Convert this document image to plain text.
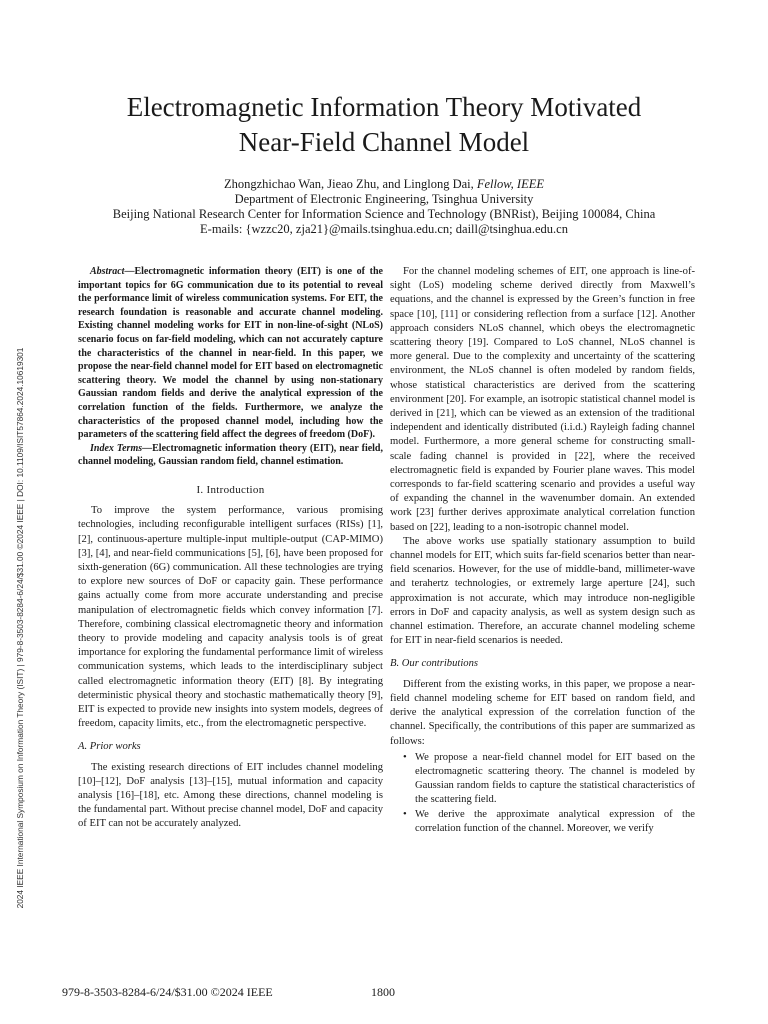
Electromagnetic Information Theory Motivated
Near-Field Channel Model
Zhongzhichao Wan, Jieao Zhu, and Linglong Dai, Fellow, IEEE
Department of Electronic Engineering, Tsinghua University
Beijing National Research Center for Information Science and Technology (BNRist), Beijing 100084, China
E-mails: {wzzc20, zja21}@mails.tsinghua.edu.cn; daill@tsinghua.edu.cn
2024 IEEE International Symposium on Information Theory (ISIT) | 979-8-3503-8284-6/24/$31.00 ©2024 IEEE | DOI: 10.1109/ISIT57864.2024.10619301

Abstract—Electromagnetic information theory (EIT) is one of the important topics for 6G communication due to its potential to reveal the performance limit of wireless communication systems. For EIT, the research foundation is reasonable and accurate channel modeling. Existing channel modeling works for EIT in non-line-of-sight (NLoS) scenario focus on far-field modeling, which can not accurately capture the characteristics of the channel in near-field. In this paper, we propose the near-field channel model for EIT based on electromagnetic scattering theory. We model the channel by using non-stationary Gaussian random fields and derive the analytical expression of the correlation function of the fields. Furthermore, we analyze the characteristics of the proposed channel model, including how the parameters of the scattering field affect the degrees of freedom (DoF).

Index Terms—Electromagnetic information theory (EIT), near field, channel modeling, Gaussian random field, channel estimation.

I. Introduction

To improve the system performance, various promising technologies, including reconfigurable intelligent surfaces (RISs) [1], [2], continuous-aperture multiple-input multiple-output (CAP-MIMO) [3], [4], and near-field communications [5], [6], have been proposed for sixth-generation (6G) communication. All these technologies are trying to explore new sources of DoF or capacity gain. These performance gains actually come from more accurate understanding and precise manipulation of electromagnetic fields which convey information [7]. Therefore, combining classical electromagnetic theory and information theory to provide modeling and capacity analysis tools is of great importance for exploring the fundamental performance limit of wireless communication systems, which leads to the interdisciplinary subject called electromagnetic information theory (EIT) [8]. By integrating deterministic physical theory and stochastic mathematically theory [9], EIT is expected to provide new insights into system models, degrees of freedom, capacity limits, etc., from the electromagnetic perspective.

A. Prior works

The existing research directions of EIT includes channel modeling [10]–[12], DoF analysis [13]–[15], mutual information and capacity analysis [16]–[18], etc. Among these directions, channel modeling is the fundamental part. Without precise channel model, DoF and capacity of EIT can not be accurately analyzed.

For the channel modeling schemes of EIT, one approach is line-of-sight (LoS) modeling scheme derived directly from Maxwell’s equations, and the channel is expressed by the Green’s function in free space [10], [11] or considering reflection from a surface [12]. Another approach considers NLoS channel, which obeys the electromagnetic scattering theory [19]. Compared to LoS channel, NLoS channel is more general. Due to the complexity and uncertainty of the scattering environment, the NLoS channel is often modeled by random fields, whose statistical characteristics are derived from the scattering environment [20]. For example, an isotropic statistical channel model is derived in [21], which can be viewed as an extension of the traditional independent and identically distributed (i.i.d.) Rayleigh fading channel model. Furthermore, a more general scheme for constructing small-scale fading channel is provided in [22], where the received electromagnetic field is expanded by Fourier plane waves. This model corresponds to far-field scattering scenario and provides a useful way of expanding the channel in the wavenumber domain. An extended work [23] further derives approximate analytical correlation function based on [22], leading to a non-isotropic channel model.

The above works use spatially stationary assumption to build channel models for EIT, which suits far-field scenarios better than near-field scenarios. However, for the use of middle-band, millimeter-wave and terahertz technologies, or extremely large aperture [24], such approximation is not accurate, which may introduce non-negligible errors in DoF and capacity analysis, as well as system design such as channel estimation. Therefore, an accurate channel modeling scheme for EIT in near-field scenarios is needed.

B. Our contributions

Different from the existing works, in this paper, we propose a near-field channel modeling scheme for EIT based on random field, and derive the analytical expression of the correlation function of the channel. Specifically, the contributions of this paper are summarized as follows:

• We propose a near-field channel model for EIT based on the electromagnetic scattering theory. The channel is modeled by Gaussian random fields to capture the statistical characteristics of the scattering field.
• We derive the approximate analytical expression of the correlation function of the channel. Moreover, we verify
979-8-3503-8284-6/24/$31.00 ©2024 IEEE	1800
